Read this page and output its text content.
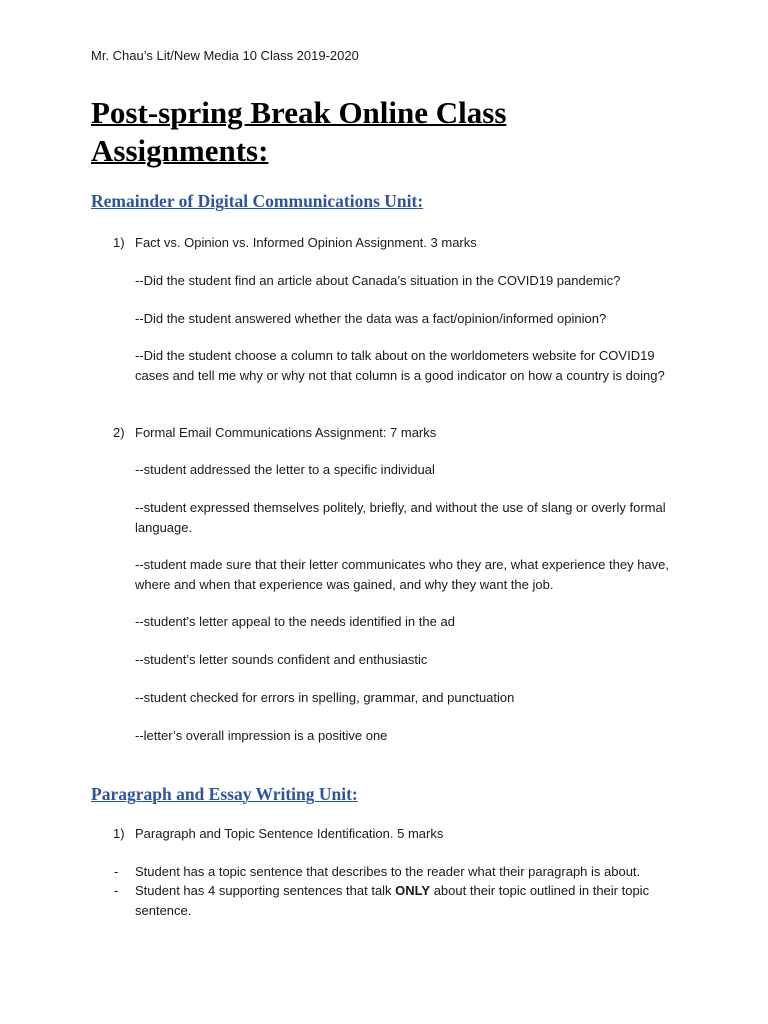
Mr. Chau’s Lit/New Media 10 Class 2019-2020
Post-spring Break Online Class
Assignments:
Remainder of Digital Communications Unit:
1) Fact vs. Opinion vs. Informed Opinion Assignment. 3 marks

--Did the student find an article about Canada’s situation in the COVID19 pandemic?

--Did the student answered whether the data was a fact/opinion/informed opinion?

--Did the student choose a column to talk about on the worldometers website for COVID19 cases and tell me why or why not that column is a good indicator on how a country is doing?

2) Formal Email Communications Assignment: 7 marks

--student addressed the letter to a specific individual

--student expressed themselves politely, briefly, and without the use of slang or overly formal language.

--student made sure that their letter communicates who they are, what experience they have, where and when that experience was gained, and why they want the job.

--student’s letter appeal to the needs identified in the ad

--student’s letter sounds confident and enthusiastic

--student checked for errors in spelling, grammar, and punctuation

--letter’s overall impression is a positive one

Paragraph and Essay Writing Unit:
1) Paragraph and Topic Sentence Identification. 5 marks

- Student has a topic sentence that describes to the reader what their paragraph is about.

- Student has 4 supporting sentences that talk ONLY about their topic outlined in their topic sentence.
